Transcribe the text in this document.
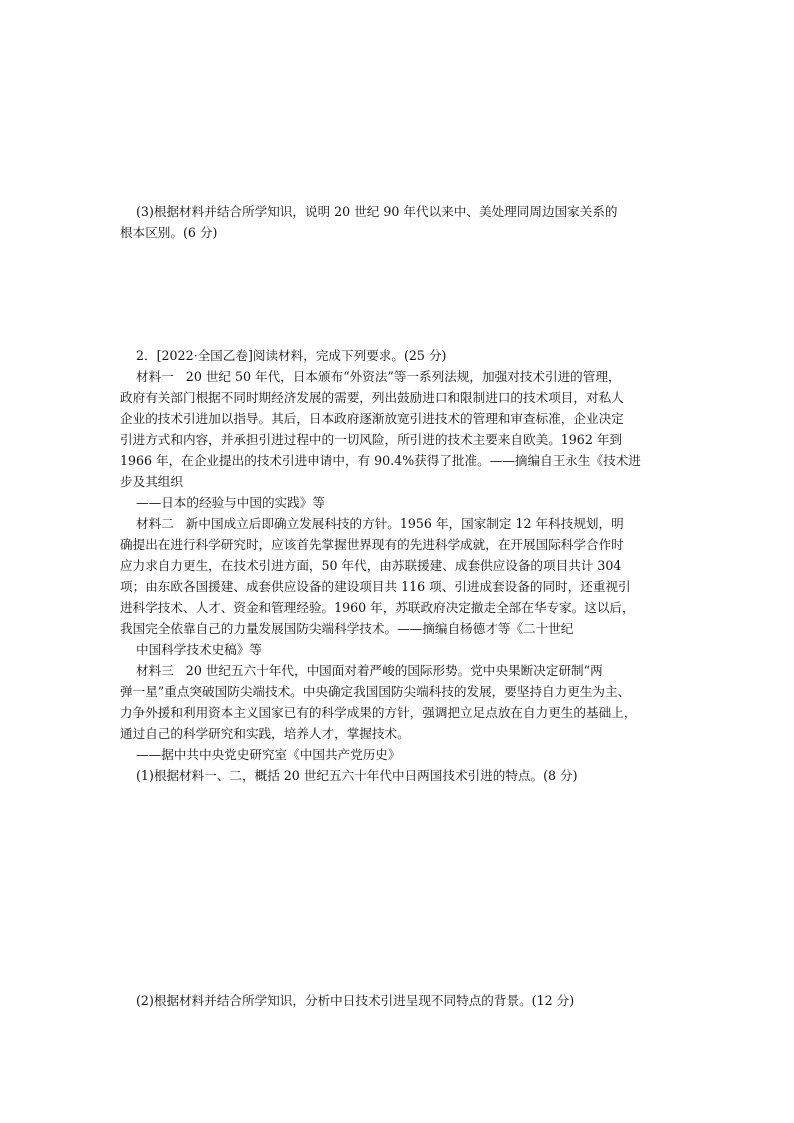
(3)根据材料并结合所学知识，说明 20 世纪 90 年代以来中、美处理同周边国家关系的
根本区别。(6 分)
2．[2022·全国乙卷]阅读材料，完成下列要求。(25 分)
材料一   20 世纪 50 年代，日本颁布“外资法”等一系列法规，加强对技术引进的管理，
政府有关部门根据不同时期经济发展的需要，列出鼓励进口和限制进口的技术项目，对私人
企业的技术引进加以指导。其后，日本政府逐渐放宽引进技术的管理和审查标准，企业决定
引进方式和内容，并承担引进过程中的一切风险，所引进的技术主要来自欧美。1962 年到
1966 年，在企业提出的技术引进申请中，有 90.4%获得了批准。——摘编自王永生《技术进
步及其组织
——日本的经验与中国的实践》等
材料二   新中国成立后即确立发展科技的方针。1956 年，国家制定 12 年科技规划，明
确提出在进行科学研究时，应该首先掌握世界现有的先进科学成就，在开展国际科学合作时
应力求自力更生，在技术引进方面，50 年代，由苏联援建、成套供应设备的项目共计 304
项；由东欧各国援建、成套供应设备的建设项目共 116 项、引进成套设备的同时，还重视引
进科学技术、人才、资金和管理经验。1960 年，苏联政府决定撤走全部在华专家。这以后，
我国完全依靠自己的力量发展国防尖端科学技术。——摘编自杨德才等《二十世纪
中国科学技术史稿》等
材料三   20 世纪五六十年代，中国面对着严峻的国际形势。党中央果断决定研制“两
弹一星”重点突破国防尖端技术。中央确定我国国防尖端科技的发展，要坚持自力更生为主、
力争外援和利用资本主义国家已有的科学成果的方针，强调把立足点放在自力更生的基础上，
通过自己的科学研究和实践，培养人才，掌握技术。
——据中共中央党史研究室《中国共产党历史》
(1)根据材料一、二，概括 20 世纪五六十年代中日两国技术引进的特点。(8 分)
(2)根据材料并结合所学知识，分析中日技术引进呈现不同特点的背景。(12 分)
